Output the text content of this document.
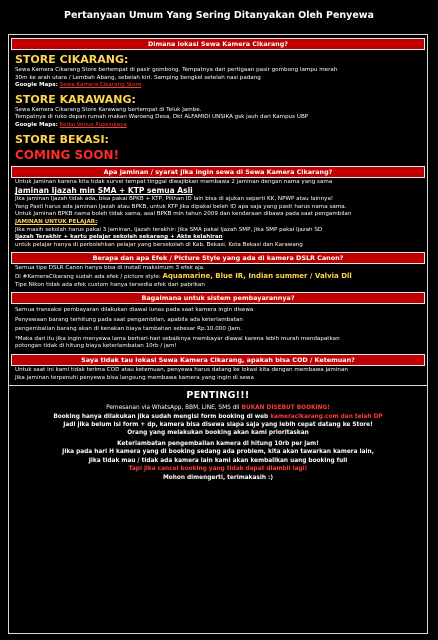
Pertanyaan Umum Yang Sering Ditanyakan Oleh Penyewa
Dimana lokasi Sewa Kamera Cikarang?
STORE CIKARANG:
Sewa Kamera Cikarang Store bertempat di pasir gombong. Tempatnya dari pertigaan pasir gombong lampu merah
30m ke arah utara / Lembah Abang, sebelah kiri. Samping bengkel setelah nasi padang
Google Maps: Sewa Kamera Cikarang Store
STORE KARAWANG:
Sewa Kamera Cikarang Store Karawang bertempat di Teluk Jambe.
Tempatnya di ruko depan rumah makan Waroeng Desa, Dkt ALFAMIDI UNSIKA gsk jauh dari Kampus UBP
Google Maps: Kedai Venus Pusesujaya
STORE BEKASI:
COMING SOON!
Apa jaminan / syarat jika ingin sewa di Sewa Kamera Cikarang?
Untuk jaminan karena kita tidak survei tempat tinggal diwajibkan membawa 2 jaminan dengan nama yang sama
Jaminan Ijazah min SMA + KTP semua Asli
Jika jaminan Ijazah tidak ada, bisa pakai BPKB + KTP, Pilihan ID lain bisa di ajukan seperti KK, NPWP atau lainnya!
Yang Pasti harus ada jaminan Ijazah atau BPKB, untuk KTP jika dipakai beleh ID apa saja yang pasti harus nama sama.
Untuk Jaminan BPKB nama boleh tidak sama, asal BPKB min tahun 2009 dan kendaraan dibawa pada saat pengambilan
JAMINAN UNTUK PELAJAR:
Jika masih sekolah harus pakai 3 jaminan, Ijazah terakhir: Jika SMA pakai Ijazah SMP, Jika SMP pakai Ijazah SD
Ijazah Terakhir + kartu pelajar sekolah sekarang + Akte kelahiran
untuk pelajar hanya di perbolehkan pelajar yang bersekolah di Kab. Bekasi, Kota Bekasi dan Karawang
Berapa dan apa Efek / Picture Style yang ada di kamera DSLR Canon?
Semua tipe DSLR Canon hanya bisa di install maksimum 3 efek aja.
Di #KameraCikarang sudah ada efek / picture style: Aquamarine, Blue IR, Indian summer / Valvia Dll
Tipe Nikon tidak ada efek custom hanya tersedia efek dari pabrikan
Bagaimana untuk sistem pembayarannya?
Semua transaksi pembayaran dilakukan diawal lunas pada saat kamera ingin disewa
Penyewaan barang terhitung pada saat pengambilan, apabila ada keterlambatan
pengembalian barang akan di kenakan biaya tambahan sebesar Rp.10.000 /Jam.
*Maka dari itu jika ingin menyewa lama berhari-hari sebaiknya membayar diawal karena lebih murah mendapatkan
potongan tidak di hitung biaya keterlambatan 10rb / jam!
Saya tidak tau lokasi Sewa Kamera Cikarang, apakah bisa COD / Ketemuan?
Untuk saat ini kami tidak terima COD atau ketemuan, penyewa harus datang ke lokasi kita dengan membawa jaminan
Jika jaminan terpenuhi penyewa bisa langsung membawa kamera yang ingin di sewa
PENTING!!!
Pemesanan via WhatsApp, BBM, LINE, SMS dll BUKAN DISEBUT BOOKING!
Booking hanya dilakukan jika sudah mengisi form booking di web kameracikarang.com dan telah DP
Jadi jika belum isi form + dp, kamera bisa disewa siapa saja yang lebih cepat datang ke Store!
Orang yang melakukan booking akan kami prioritaskan
Keterlambatan pengembalian kamera di hitung 10rb per jam!
Jika pada hari H kamera yang di booking sedang ada problem, kita akan tawarkan kamera lain,
Jika tidak mau / tidak ada kamera lain kami akan kembalikan uang booking full
Tapi jika cancel booking yang tidak dapat diambil lagi!
Mohon dimengerti, terimakasih :)
